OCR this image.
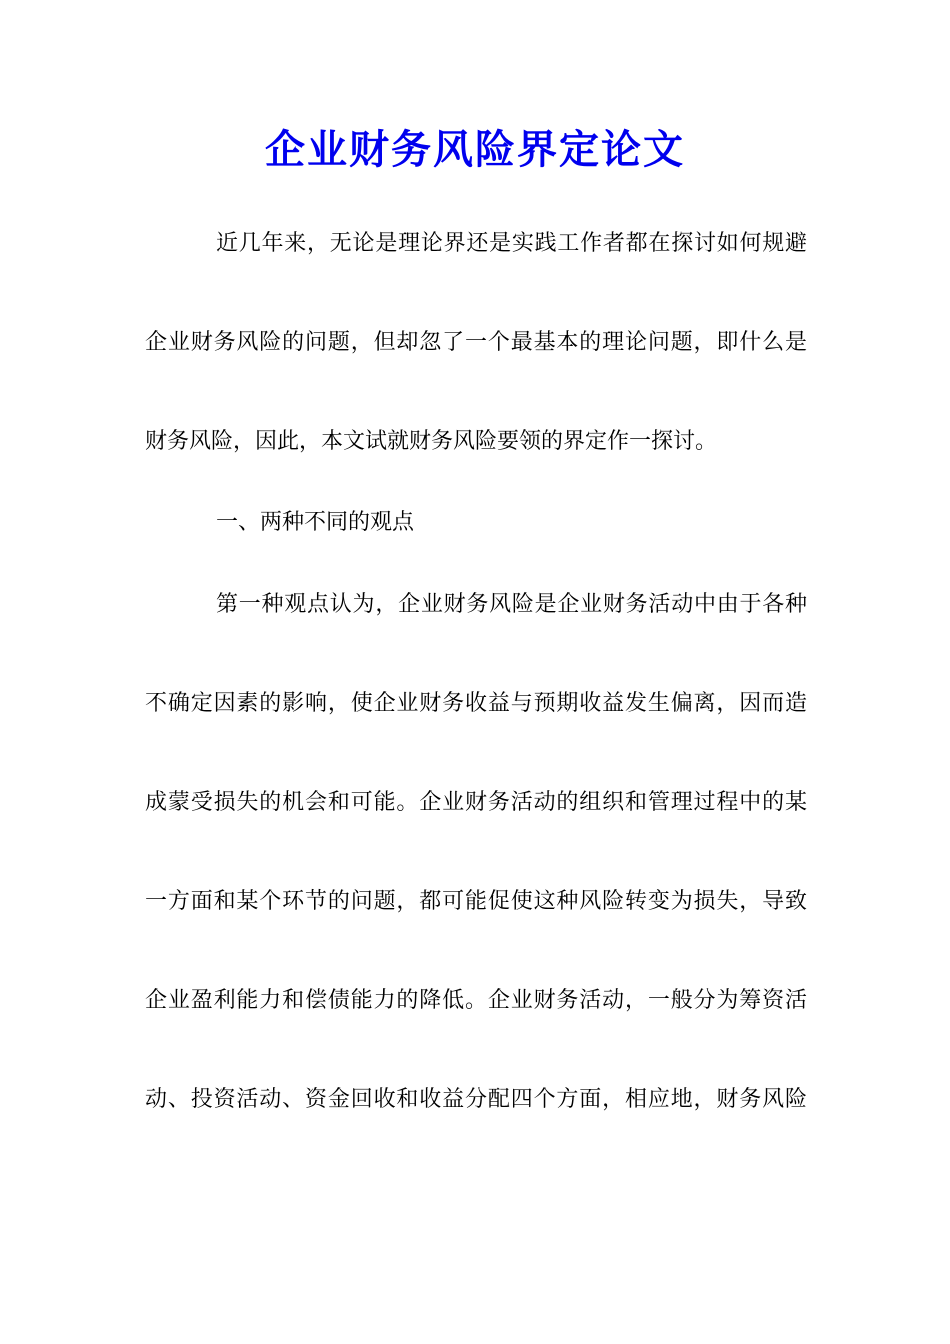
企业财务风险界定论文
近几年来，无论是理论界还是实践工作者都在探讨如何规避
企业财务风险的问题，但却忽了一个最基本的理论问题，即什么是
财务风险，因此，本文试就财务风险要领的界定作一探讨。
一、两种不同的观点
第一种观点认为，企业财务风险是企业财务活动中由于各种
不确定因素的影响，使企业财务收益与预期收益发生偏离，因而造
成蒙受损失的机会和可能。企业财务活动的组织和管理过程中的某
一方面和某个环节的问题，都可能促使这种风险转变为损失，导致
企业盈利能力和偿债能力的降低。企业财务活动，一般分为筹资活
动、投资活动、资金回收和收益分配四个方面，相应地，财务风险
